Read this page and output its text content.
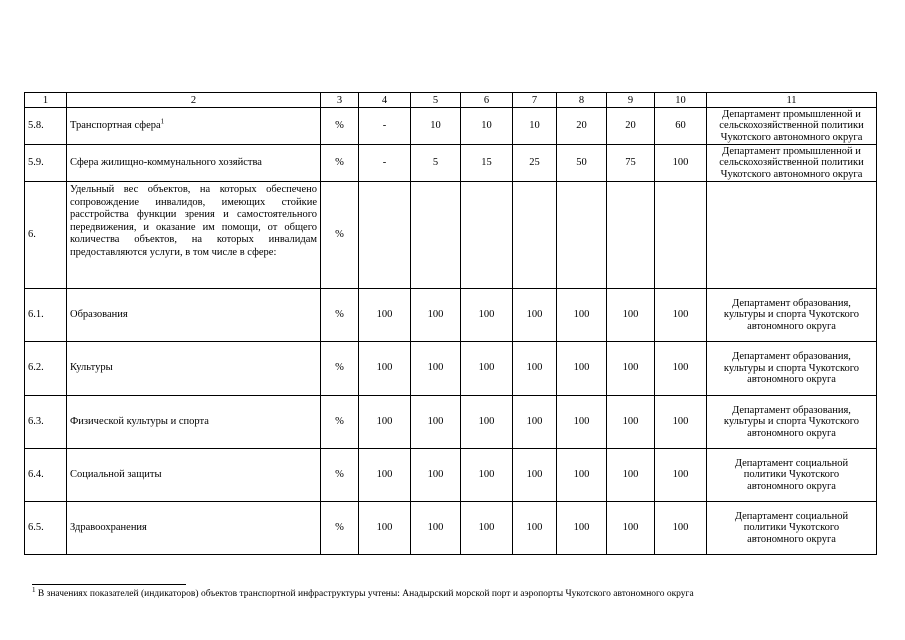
1	2	3	4	5	6	7	8	9	10	11
5.8.	Транспортная сфера$^1$	%	-	10	10	10	20	20	60	Департамент промышленной и
сельскохозяйственной политики
Чукотского автономного округа

5.9.	Сфера жилищно-коммунального хозяйства	%	-	5	15	25	50	75	100	Департамент промышленной и
сельскохозяйственной политики
Чукотского автономного округа

6.	Удельный вес объектов, на которых обеспечено сопровождение инвалидов, имеющих стойкие расстройства функции зрения и самостоятельного передвижения, и оказание им помощи, от общего количества объектов, на которых инвалидам предоставляются услуги, в том числе в сфере:	%								

6.1.	Образования	%	100	100	100	100	100	100	100	Департамент образования,
культуры и спорта Чукотского
автономного округа

6.2.	Культуры	%	100	100	100	100	100	100	100	Департамент образования,
культуры и спорта Чукотского
автономного округа

6.3.	Физической культуры и спорта	%	100	100	100	100	100	100	100	Департамент образования,
культуры и спорта Чукотского
автономного округа

6.4.	Социальной защиты	%	100	100	100	100	100	100	100	Департамент социальной
политики Чукотского
автономного округа

6.5.	Здравоохранения	%	100	100	100	100	100	100	100	Департамент социальной
политики Чукотского
автономного округа
$^1$ В значениях показателей (индикаторов) объектов транспортной инфраструктуры учтены: Анадырский морской порт и аэропорты Чукотского автономного округа
